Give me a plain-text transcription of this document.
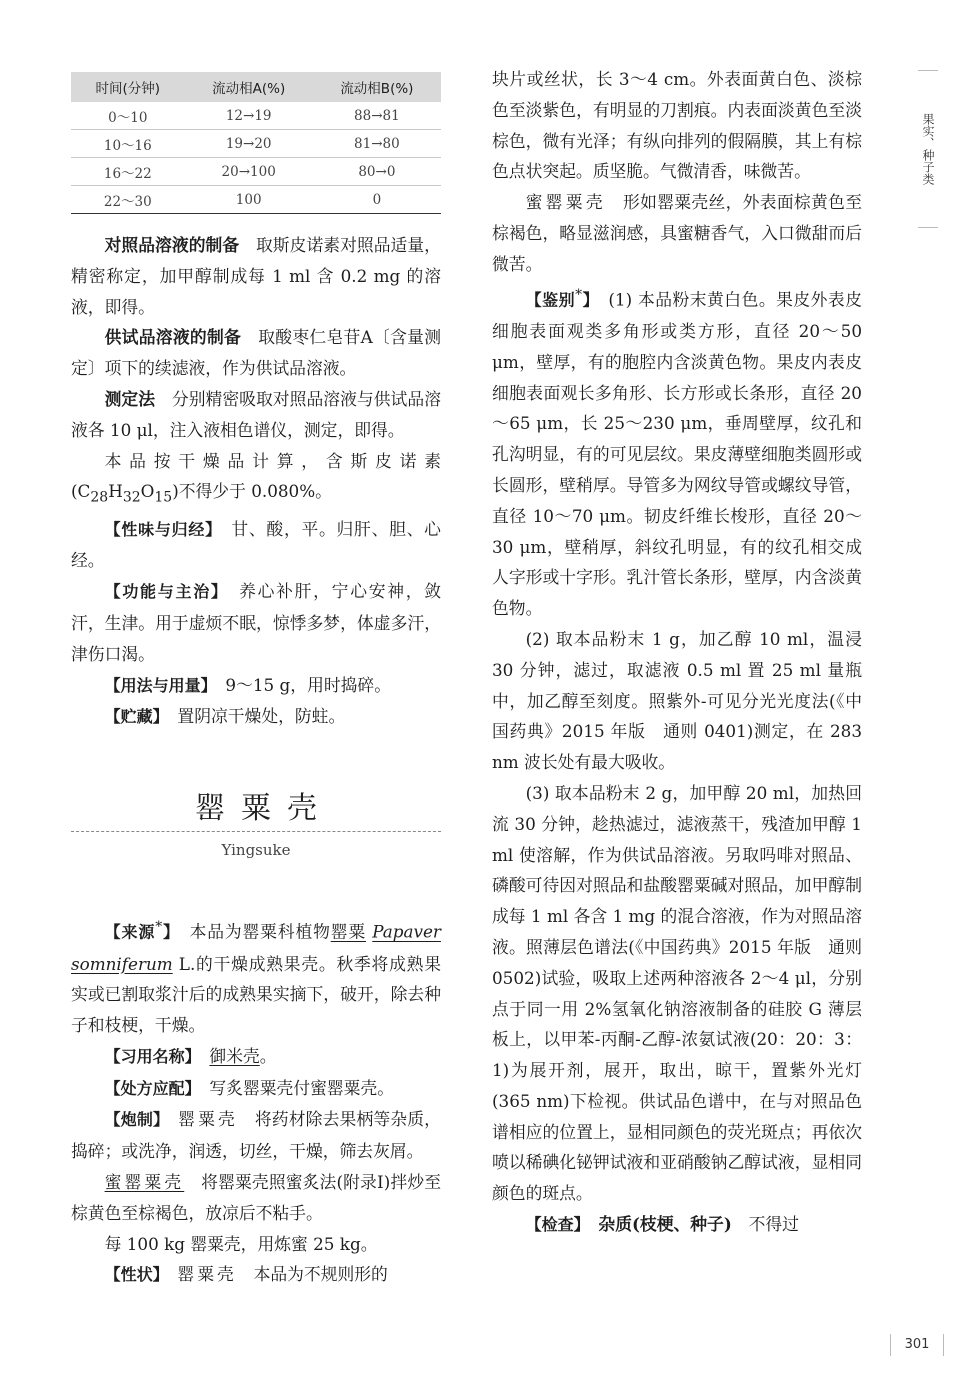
时间(分钟)	流动相A(%)	流动相B(%)
0～10	12→19	88→81
10～16	19→20	81→80
16～22	20→100	80→0
22～30	100	0

对照品溶液的制备　 取斯皮诺素对照品适量，精密称定，加甲醇制成每 1 ml 含 0.2 mg 的溶液，即得。

供试品溶液的制备　 取酸枣仁皂苷A〔含量测定〕项下的续滤液，作为供试品溶液。

测定法　 分别精密吸取对照品溶液与供试品溶液各 10 μl，注入液相色谱仪，测定，即得。

本品按干燥品计算，含斯皮诺素$(C_{28}H_{32}O_{15})$不得少于 0.080%。

【性味与归经】　 甘、酸，平。归肝、胆、心经。

【功能与主治】　 养心补肝，宁心安神，敛汗，生津。用于虚烦不眠，惊悸多梦，体虚多汗，津伤口渴。

【用法与用量】　 9～15 g，用时捣碎。

【贮藏】　 置阴凉干燥处，防蛀。

罂粟壳
Yingsuke

【来源*】　 本品为罂粟科植物罂粟 Papaver somniferum L.的干燥成熟果壳。秋季将成熟果实或已割取浆汁后的成熟果实摘下，破开，除去种子和枝梗，干燥。

【习用名称】　 御米壳。

【处方应配】　 写炙罂粟壳付蜜罂粟壳。

【炮制】　 罂粟壳　 将药材除去果柄等杂质，捣碎；或洗净，润透，切丝，干燥，筛去灰屑。

蜜罂粟壳　 将罂粟壳照蜜炙法(附录Ⅰ)拌炒至棕黄色至棕褐色，放凉后不粘手。

每 100 kg 罂粟壳，用炼蜜 25 kg。

【性状】　 罂粟壳　 本品为不规则形的

块片或丝状，长 3～4 cm。外表面黄白色、淡棕色至淡紫色，有明显的刀割痕。内表面淡黄色至淡棕色，微有光泽；有纵向排列的假隔膜，其上有棕色点状突起。质坚脆。气微清香，味微苦。

蜜罂粟壳　 形如罂粟壳丝，外表面棕黄色至棕褐色，略显滋润感，具蜜糖香气，入口微甜而后微苦。

【鉴别*】　 (1) 本品粉末黄白色。果皮外表皮细胞表面观类多角形或类方形，直径 20～50 μm，壁厚，有的胞腔内含淡黄色物。果皮内表皮细胞表面观长多角形、长方形或长条形，直径 20～65 μm，长 25～230 μm，垂周壁厚，纹孔和孔沟明显，有的可见层纹。果皮薄壁细胞类圆形或长圆形，壁稍厚。导管多为网纹导管或螺纹导管，直径 10～70 μm。韧皮纤维长梭形，直径 20～30 μm，壁稍厚，斜纹孔明显，有的纹孔相交成人字形或十字形。乳汁管长条形，壁厚，内含淡黄色物。

(2) 取本品粉末 1 g，加乙醇 10 ml，温浸 30 分钟，滤过，取滤液 0.5 ml 置 25 ml 量瓶中，加乙醇至刻度。照紫外-可见分光光度法(《中国药典》2015 年版　通则 0401)测定，在 283 nm 波长处有最大吸收。

(3) 取本品粉末 2 g，加甲醇 20 ml，加热回流 30 分钟，趁热滤过，滤液蒸干，残渣加甲醇 1 ml 使溶解，作为供试品溶液。另取吗啡对照品、磷酸可待因对照品和盐酸罂粟碱对照品，加甲醇制成每 1 ml 各含 1 mg 的混合溶液，作为对照品溶液。照薄层色谱法(《中国药典》2015 年版　通则 0502)试验，吸取上述两种溶液各 2～4 μl，分别点于同一用 2%氢氧化钠溶液制备的硅胶 G 薄层板上，以甲苯-丙酮-乙醇-浓氨试液(20：20：3：1)为展开剂，展开，取出，晾干，置紫外光灯(365 nm)下检视。供试品色谱中，在与对照品色谱相应的位置上，显相同颜色的荧光斑点；再依次喷以稀碘化铋钾试液和亚硝酸钠乙醇试液，显相同颜色的斑点。

【检查】　 杂质(枝梗、种子)　 不得过

果实、种子类
301
